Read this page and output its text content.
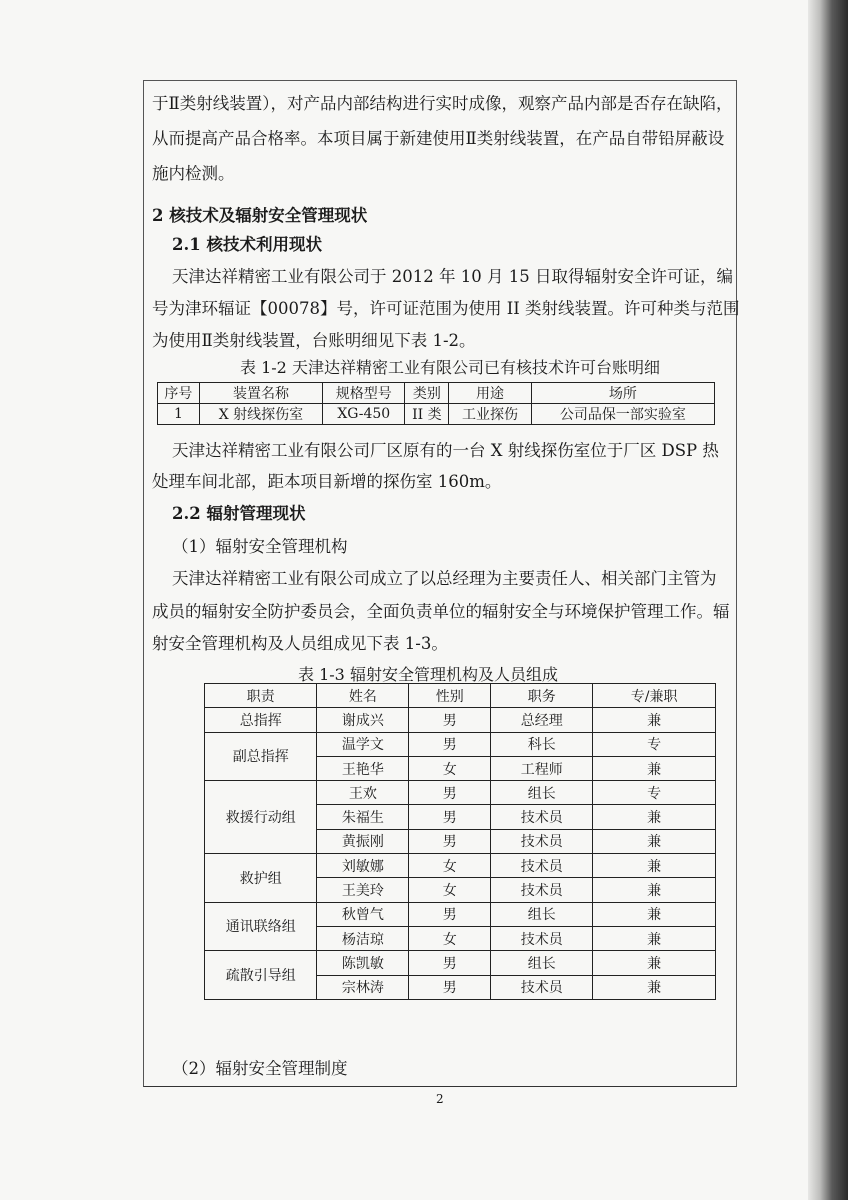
于Ⅱ类射线装置），对产品内部结构进行实时成像，观察产品内部是否存在缺陷，
从而提高产品合格率。本项目属于新建使用Ⅱ类射线装置，在产品自带铅屏蔽设
施内检测。
2 核技术及辐射安全管理现状
2.1 核技术利用现状
天津达祥精密工业有限公司于 2012 年 10 月 15 日取得辐射安全许可证，编
号为津环辐证【00078】号，许可证范围为使用 II 类射线装置。许可种类与范围
为使用Ⅱ类射线装置，台账明细见下表 1-2。
表 1-2 天津达祥精密工业有限公司已有核技术许可台账明细
序号	装置名称	规格型号	类别	用途	场所
1	X 射线探伤室	XG-450	II 类	工业探伤	公司品保一部实验室
天津达祥精密工业有限公司厂区原有的一台 X 射线探伤室位于厂区 DSP 热
处理车间北部，距本项目新增的探伤室 160m。
2.2 辐射管理现状
（1）辐射安全管理机构
天津达祥精密工业有限公司成立了以总经理为主要责任人、相关部门主管为
成员的辐射安全防护委员会，全面负责单位的辐射安全与环境保护管理工作。辐
射安全管理机构及人员组成见下表 1-3。
表 1-3 辐射安全管理机构及人员组成
职责	姓名	性别	职务	专/兼职
总指挥	谢成兴	男	总经理	兼
副总指挥	温学文	男	科长	专
	王艳华	女	工程师	兼
救援行动组	王欢	男	组长	专
	朱福生	男	技术员	兼
	黄振刚	男	技术员	兼
救护组	刘敏娜	女	技术员	兼
	王美玲	女	技术员	兼
通讯联络组	秋曾气	男	组长	兼
	杨洁琼	女	技术员	兼
疏散引导组	陈凯敏	男	组长	兼
	宗林涛	男	技术员	兼
（2）辐射安全管理制度
2
